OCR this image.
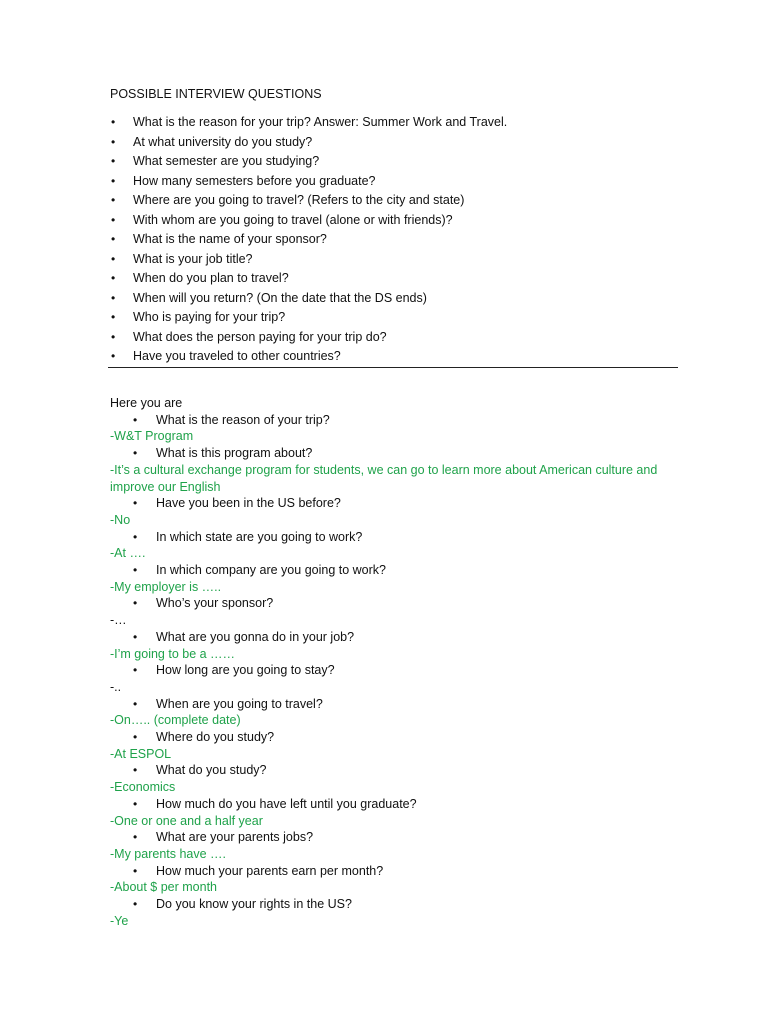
POSSIBLE INTERVIEW QUESTIONS
• What is the reason for your trip? Answer: Summer Work and Travel.
• At what university do you study?
• What semester are you studying?
• How many semesters before you graduate?
• Where are you going to travel? (Refers to the city and state)
• With whom are you going to travel (alone or with friends)?
• What is the name of your sponsor?
• What is your job title?
• When do you plan to travel?
• When will you return? (On the date that the DS ends)
• Who is paying for your trip?
• What does the person paying for your trip do?
• Have you traveled to other countries?
Here you are
• What is the reason of your trip?
-W&T Program
• What is this program about?
-It’s a cultural exchange program for students, we can go to learn more about American culture and improve our English
• Have you been in the US before?
-No
• In which state are you going to work?
-At ….
• In which company are you going to work?
-My employer is …..
• Who’s your sponsor?
-…
• What are you gonna do in your job?
-I’m going to be a ……
• How long are you going to stay?
-..
• When are you going to travel?
-On….. (complete date)
• Where do you study?
-At ESPOL
• What do you study?
-Economics
• How much do you have left until you graduate?
-One or one and a half year
• What are your parents jobs?
-My parents have ….
• How much your parents earn per month?
-About $ per month
• Do you know your rights in the US?
-Ye
